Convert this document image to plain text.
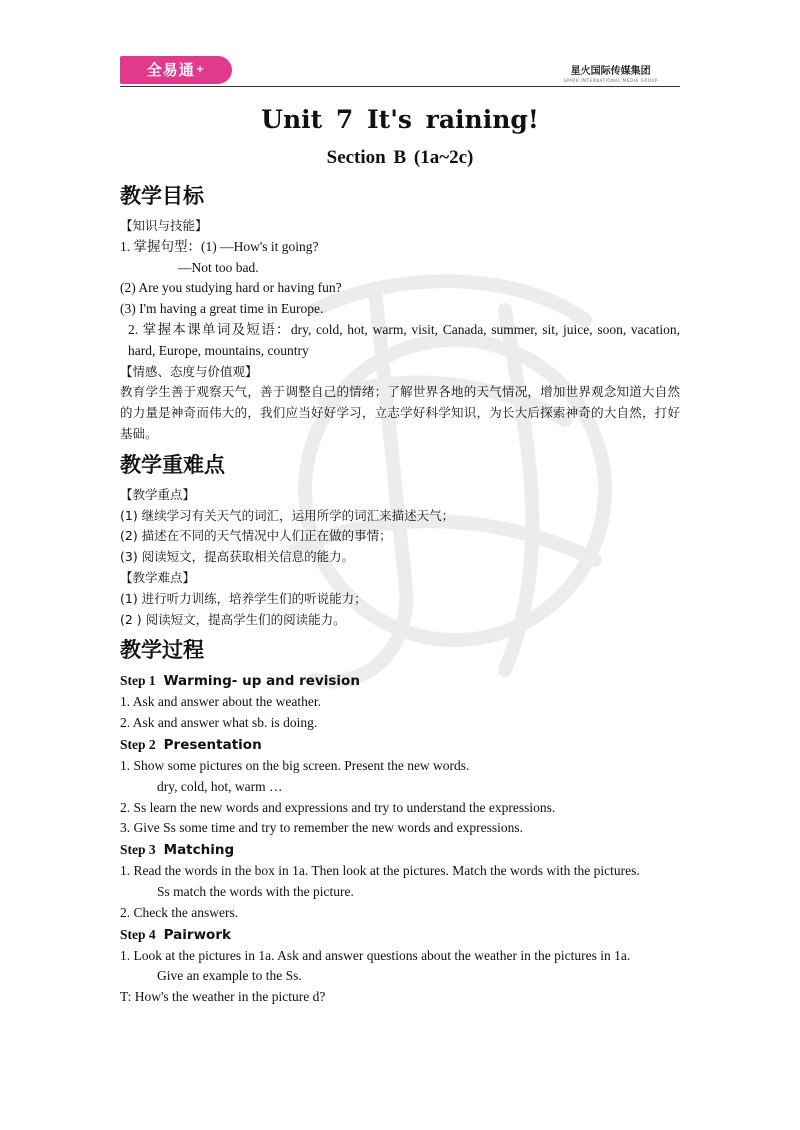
全易通+	星火国际传媒集团
SPARK INTERNATIONAL MEDIA GROUP
Unit 7 It's raining!
Section B (1a~2c)
教学目标

【知识与技能】

1. 掌握句型：(1) —How's it going?

—Not too bad.

(2) Are you studying hard or having fun?

(3) I'm having a great time in Europe.

2. 掌握本课单词及短语：dry, cold, hot, warm, visit, Canada, summer, sit, juice, soon, vacation, hard, Europe, mountains, country

【情感、态度与价值观】

教育学生善于观察天气，善于调整自己的情绪；了解世界各地的天气情况，增加世界观念知道大自然的力量是神奇而伟大的，我们应当好好学习，立志学好科学知识，为长大后探索神奇的大自然，打好基础。

教学重难点

【教学重点】

(1) 继续学习有关天气的词汇，运用所学的词汇来描述天气；

(2) 描述在不同的天气情况中人们正在做的事情；

(3) 阅读短文，提高获取相关信息的能力。

【教学难点】

(1) 进行听力训练，培养学生们的听说能力；

(2 ) 阅读短文，提高学生们的阅读能力。

教学过程

Step 1 Warming- up and revision

1. Ask and answer about the weather.

2. Ask and answer what sb. is doing.

Step 2 Presentation

1. Show some pictures on the big screen. Present the new words.

dry, cold, hot, warm …

2. Ss learn the new words and expressions and try to understand the expressions.

3. Give Ss some time and try to remember the new words and expressions.

Step 3 Matching

1. Read the words in the box in 1a. Then look at the pictures. Match the words with the pictures.

Ss match the words with the picture.

2. Check the answers.

Step 4 Pairwork

1. Look at the pictures in 1a. Ask and answer questions about the weather in the pictures in 1a.

Give an example to the Ss.

T: How's the weather in the picture d?
